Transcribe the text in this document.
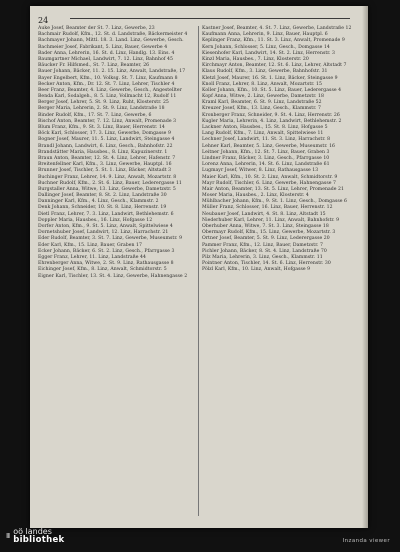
24

Auke Josef, Beamter der St. 7. Linz, Gewerbe, 23

Bachmair Rudolf, Kfm., 12. St. d. Landstraße, Bäckermeister 4

Bachmayer Johann, Mittl. 18. 3. Land. Linz, Gewerbe, Gesch.

Bachmeier Josef, Fabrikant, 5. Linz, Bauer, Gewerbe 4

Bader Anna, Lehrerin, 16. St. d. Linz, Handlg. 13. Eins. 4

Baumgartner Michael, Landwirt, 7. 12. Linz, Bahnhof 45

Bäucker Fr. Hilfsmed., St. 7. Linz, Beamter, 26

Bauer Johann, Bäcker, 11. 2. 15. Linz, Anwalt, Landstraße, 17

Bayer Engelbert, Kfm., 10. Volksg. St. 7. Linz, Kaufmann 8

Becker Anton, Kfm., Dr. 12. St. 7. Linz, Lehrer, Tischler 4

Beer Franz, Beamter, 4. Linz, Gewerbe, Gesch., Angestellter

Benda Karl, Sodalgeh., 8. 5. Linz, Vollmacht 12, Rudolf 11

Berger Josef, Lehrer, 5. St. 9. Linz, Ruht, Klosterstr. 25

Berger Maria, Lehrerin, 2. St. 9. Linz, Landstraße 18

Binder Rudolf, Kfm., 17. St. 7. Linz, Gewerbe, 6

Bischof Anton, Beamter, 7. 12. Linz, Anwalt, Promenade 3

Blum Franz, Kfm., 9. St. 3. Linz, Bauer, Herrenstr. 14

Böck Karl, Schlosser, 17. 3. Linz, Gewerbe, Domgasse 9

Bogner Josef, Maurer, 11. 5. Linz, Landwirt, Steingasse 4

Brandl Johann, Landwirt, 6. Linz, Gesch., Bahnhofstr. 22

Brandstätter Maria, Hausbes., 8. Linz, Kapuzinerstr. 1

Braun Anton, Beamter, 12. St. 4. Linz, Lehrer, Hafenstr. 7

Breitenfellner Karl, Kfm., 3. Linz, Gewerbe, Hauptpl. 16

Brunner Josef, Tischler, 5. St. 1. Linz, Bäcker, Altstadt 3

Buchinger Franz, Lehrer, 14. 9. Linz, Anwalt, Mozartstr. 8

Buchner Rudolf, Kfm., 2. St. 6. Linz, Bauer, Lederergasse 11

Burgstaller Anna, Witwe, 13. Linz, Gewerbe, Dametzstr. 5

Dallinger Josef, Beamter, 8. St. 2. Linz, Landstraße 30

Danninger Karl, Kfm., 4. Linz, Gesch., Klammstr. 2

Denk Johann, Schneider, 10. St. 8. Linz, Herrenstr. 19

Dietl Franz, Lehrer, 7. 3. Linz, Landwirt, Bethlehemstr. 6

Doppler Maria, Hausbes., 16. Linz, Hofgasse 12

Dorfer Anton, Kfm., 9. St. 5. Linz, Anwalt, Spittelwiese 4

Dornetshuber Josef, Landwirt, 12. Linz, Harrachstr. 21

Eder Rudolf, Beamter, 3. St. 7. Linz, Gewerbe, Museumstr. 9

Eder Karl, Kfm., 15. Linz, Bauer, Graben 17

Ecker Johann, Bäcker, 6. St. 2. Linz, Gesch., Pfarrgasse 3

Egger Franz, Lehrer, 11. Linz, Landstraße 44

Ehrenberger Anna, Witwe, 2. St. 9. Linz, Rathausgasse 8

Eichinger Josef, Kfm., 8. Linz, Anwalt, Schmidtorstr. 5

Eigner Karl, Tischler, 13. St. 4. Linz, Gewerbe, Hahnengasse 2

Kastner Josef, Beamter, 4. St. 7. Linz, Gewerbe, Landstraße 12

Kaufmann Anna, Lehrerin, 9. Linz, Bauer, Hauptpl. 6

Keplinger Franz, Kfm., 11. St. 3. Linz, Anwalt, Promenade 9

Kern Johann, Schlosser, 5. Linz, Gesch., Domgasse 14

Kiesenhofer Karl, Landwirt, 14. St. 2. Linz, Herrenstr. 3

Kinzl Maria, Hausbes., 7. Linz, Klosterstr. 20

Kirchmayr Anton, Beamter, 12. St. 6. Linz, Lehrer, Altstadt 7

Klaus Rudolf, Kfm., 3. Linz, Gewerbe, Bahnhofstr. 31

Kletzl Josef, Maurer, 16. St. 1. Linz, Bäcker, Steingasse 9

Knoll Franz, Lehrer, 8. Linz, Anwalt, Mozartstr. 15

Koller Johann, Kfm., 10. St. 5. Linz, Bauer, Lederergasse 4

Kopf Anna, Witwe, 2. Linz, Gewerbe, Dametzstr. 18

Kraml Karl, Beamter, 6. St. 9. Linz, Landstraße 52

Kreuzer Josef, Kfm., 13. Linz, Gesch., Klammstr. 7

Kronberger Franz, Schneider, 9. St. 4. Linz, Herrenstr. 26

Kugler Maria, Lehrerin, 4. Linz, Landwirt, Bethlehemstr. 2

Lackner Anton, Hausbes., 15. St. 8. Linz, Hofgasse 5

Lang Rudolf, Kfm., 7. Linz, Anwalt, Spittelwiese 11

Lechner Josef, Landwirt, 11. St. 3. Linz, Harrachstr. 8

Lehner Karl, Beamter, 5. Linz, Gewerbe, Museumstr. 16

Leitner Johann, Kfm., 12. St. 7. Linz, Bauer, Graben 3

Lindner Franz, Bäcker, 3. Linz, Gesch., Pfarrgasse 10

Lorenz Anna, Lehrerin, 14. St. 6. Linz, Landstraße 61

Lugmayr Josef, Witwer, 8. Linz, Rathausgasse 13

Maier Karl, Kfm., 10. St. 2. Linz, Anwalt, Schmidtorstr. 9

Mayr Rudolf, Tischler, 6. Linz, Gewerbe, Hahnengasse 7

Mair Anton, Beamter, 13. St. 5. Linz, Lehrer, Promenade 21

Moser Maria, Hausbes., 2. Linz, Klosterstr. 4

Mühlbacher Johann, Kfm., 9. St. 1. Linz, Gesch., Domgasse 6

Müller Franz, Schlosser, 16. Linz, Bauer, Herrenstr. 12

Neubauer Josef, Landwirt, 4. St. 8. Linz, Altstadt 15

Niederhuber Karl, Lehrer, 11. Linz, Anwalt, Bahnhofstr. 9

Oberhuber Anna, Witwe, 7. St. 3. Linz, Steingasse 18

Obermayr Rudolf, Kfm., 15. Linz, Gewerbe, Mozartstr. 3

Ortner Josef, Beamter, 5. St. 9. Linz, Lederergasse 20

Pammer Franz, Kfm., 12. Linz, Bauer, Dametzstr. 7

Pichler Johann, Bäcker, 8. St. 4. Linz, Landstraße 70

Pilz Maria, Lehrerin, 3. Linz, Gesch., Klammstr. 11

Pointner Anton, Tischler, 14. St. 6. Linz, Herrenstr. 30

Pölzl Karl, Kfm., 10. Linz, Anwalt, Hofgasse 9

III oö landes
bibliothek	Inzanda viewer
